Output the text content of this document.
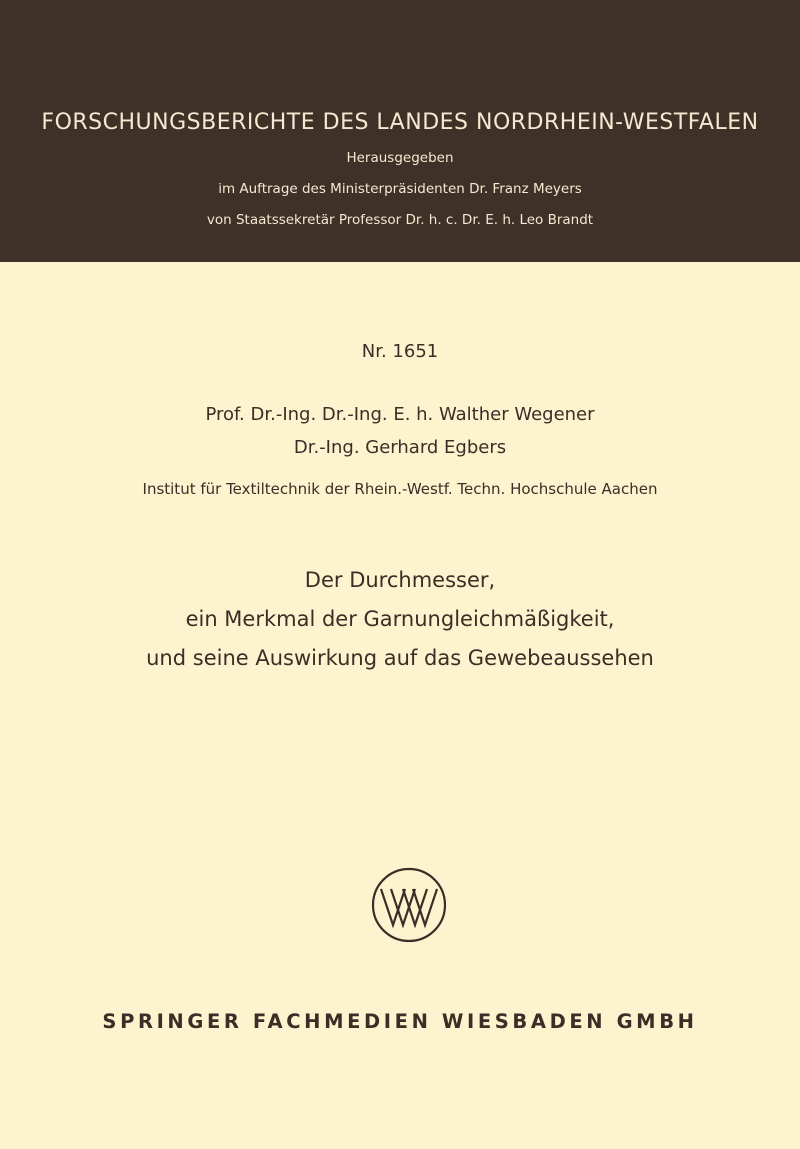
FORSCHUNGSBERICHTE DES LANDES NORDRHEIN-WESTFALEN
Herausgegeben
im Auftrage des Ministerpräsidenten Dr. Franz Meyers
von Staatssekretär Professor Dr. h. c. Dr. E. h. Leo Brandt
Nr. 1651
Prof. Dr.-Ing. Dr.-Ing. E. h. Walther Wegener
Dr.-Ing. Gerhard Egbers
Institut für Textiltechnik der Rhein.-Westf. Techn. Hochschule Aachen
Der Durchmesser,
ein Merkmal der Garnungleichmäßigkeit,
und seine Auswirkung auf das Gewebeaussehen
SPRINGER FACHMEDIEN WIESBADEN GMBH
